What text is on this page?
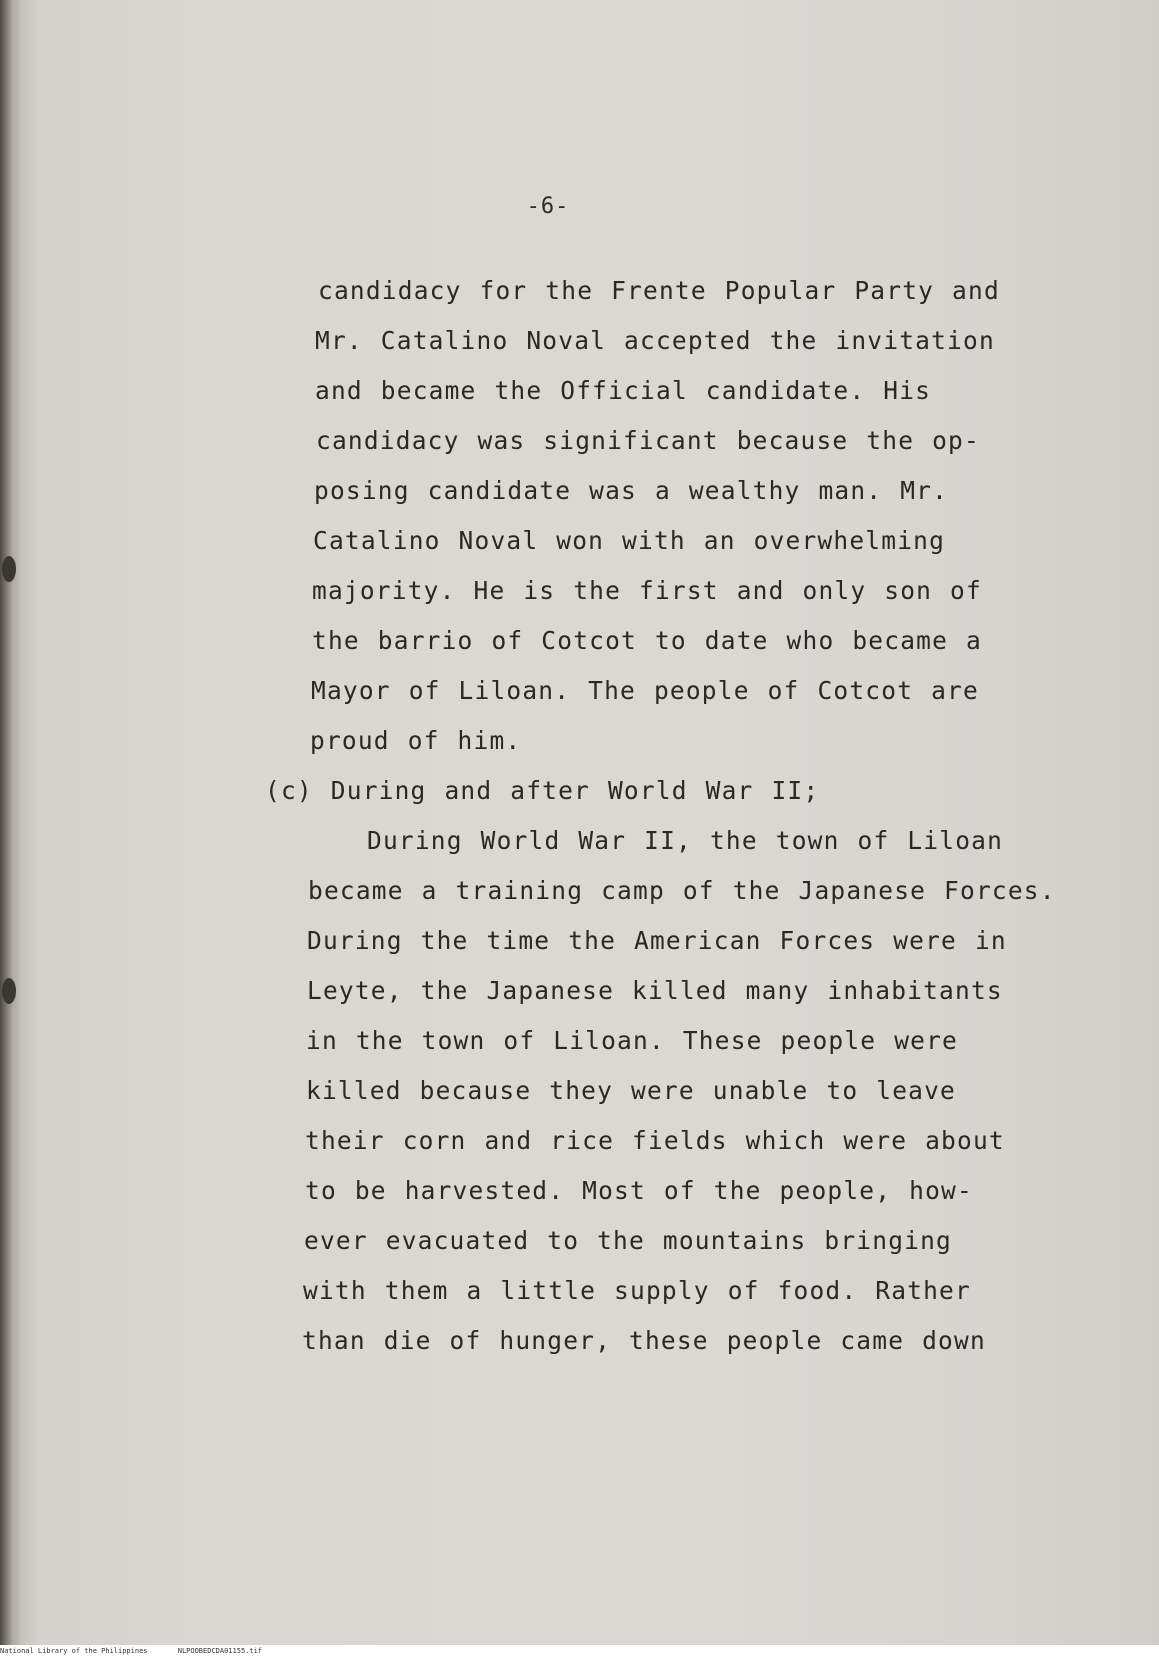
-6-
candidacy for the Frente Popular Party and
Mr. Catalino Noval accepted the invitation
and became the Official candidate. His
candidacy was significant because the op-
posing candidate was a wealthy man. Mr.
Catalino Noval won with an overwhelming
majority. He is the first and only son of
the barrio of Cotcot to date who became a
Mayor of Liloan. The people of Cotcot are
proud of him.
(c) During and after World War II;
During World War II, the town of Liloan
became a training camp of the Japanese Forces.
During the time the American Forces were in
Leyte, the Japanese killed many inhabitants
in the town of Liloan. These people were
killed because they were unable to leave
their corn and rice fields which were about
to be harvested. Most of the people, how-
ever evacuated to the mountains bringing
with them a little supply of food. Rather
than die of hunger, these people came down
National Library of the Philippines	NLPOOBEDCDA01155.tif
